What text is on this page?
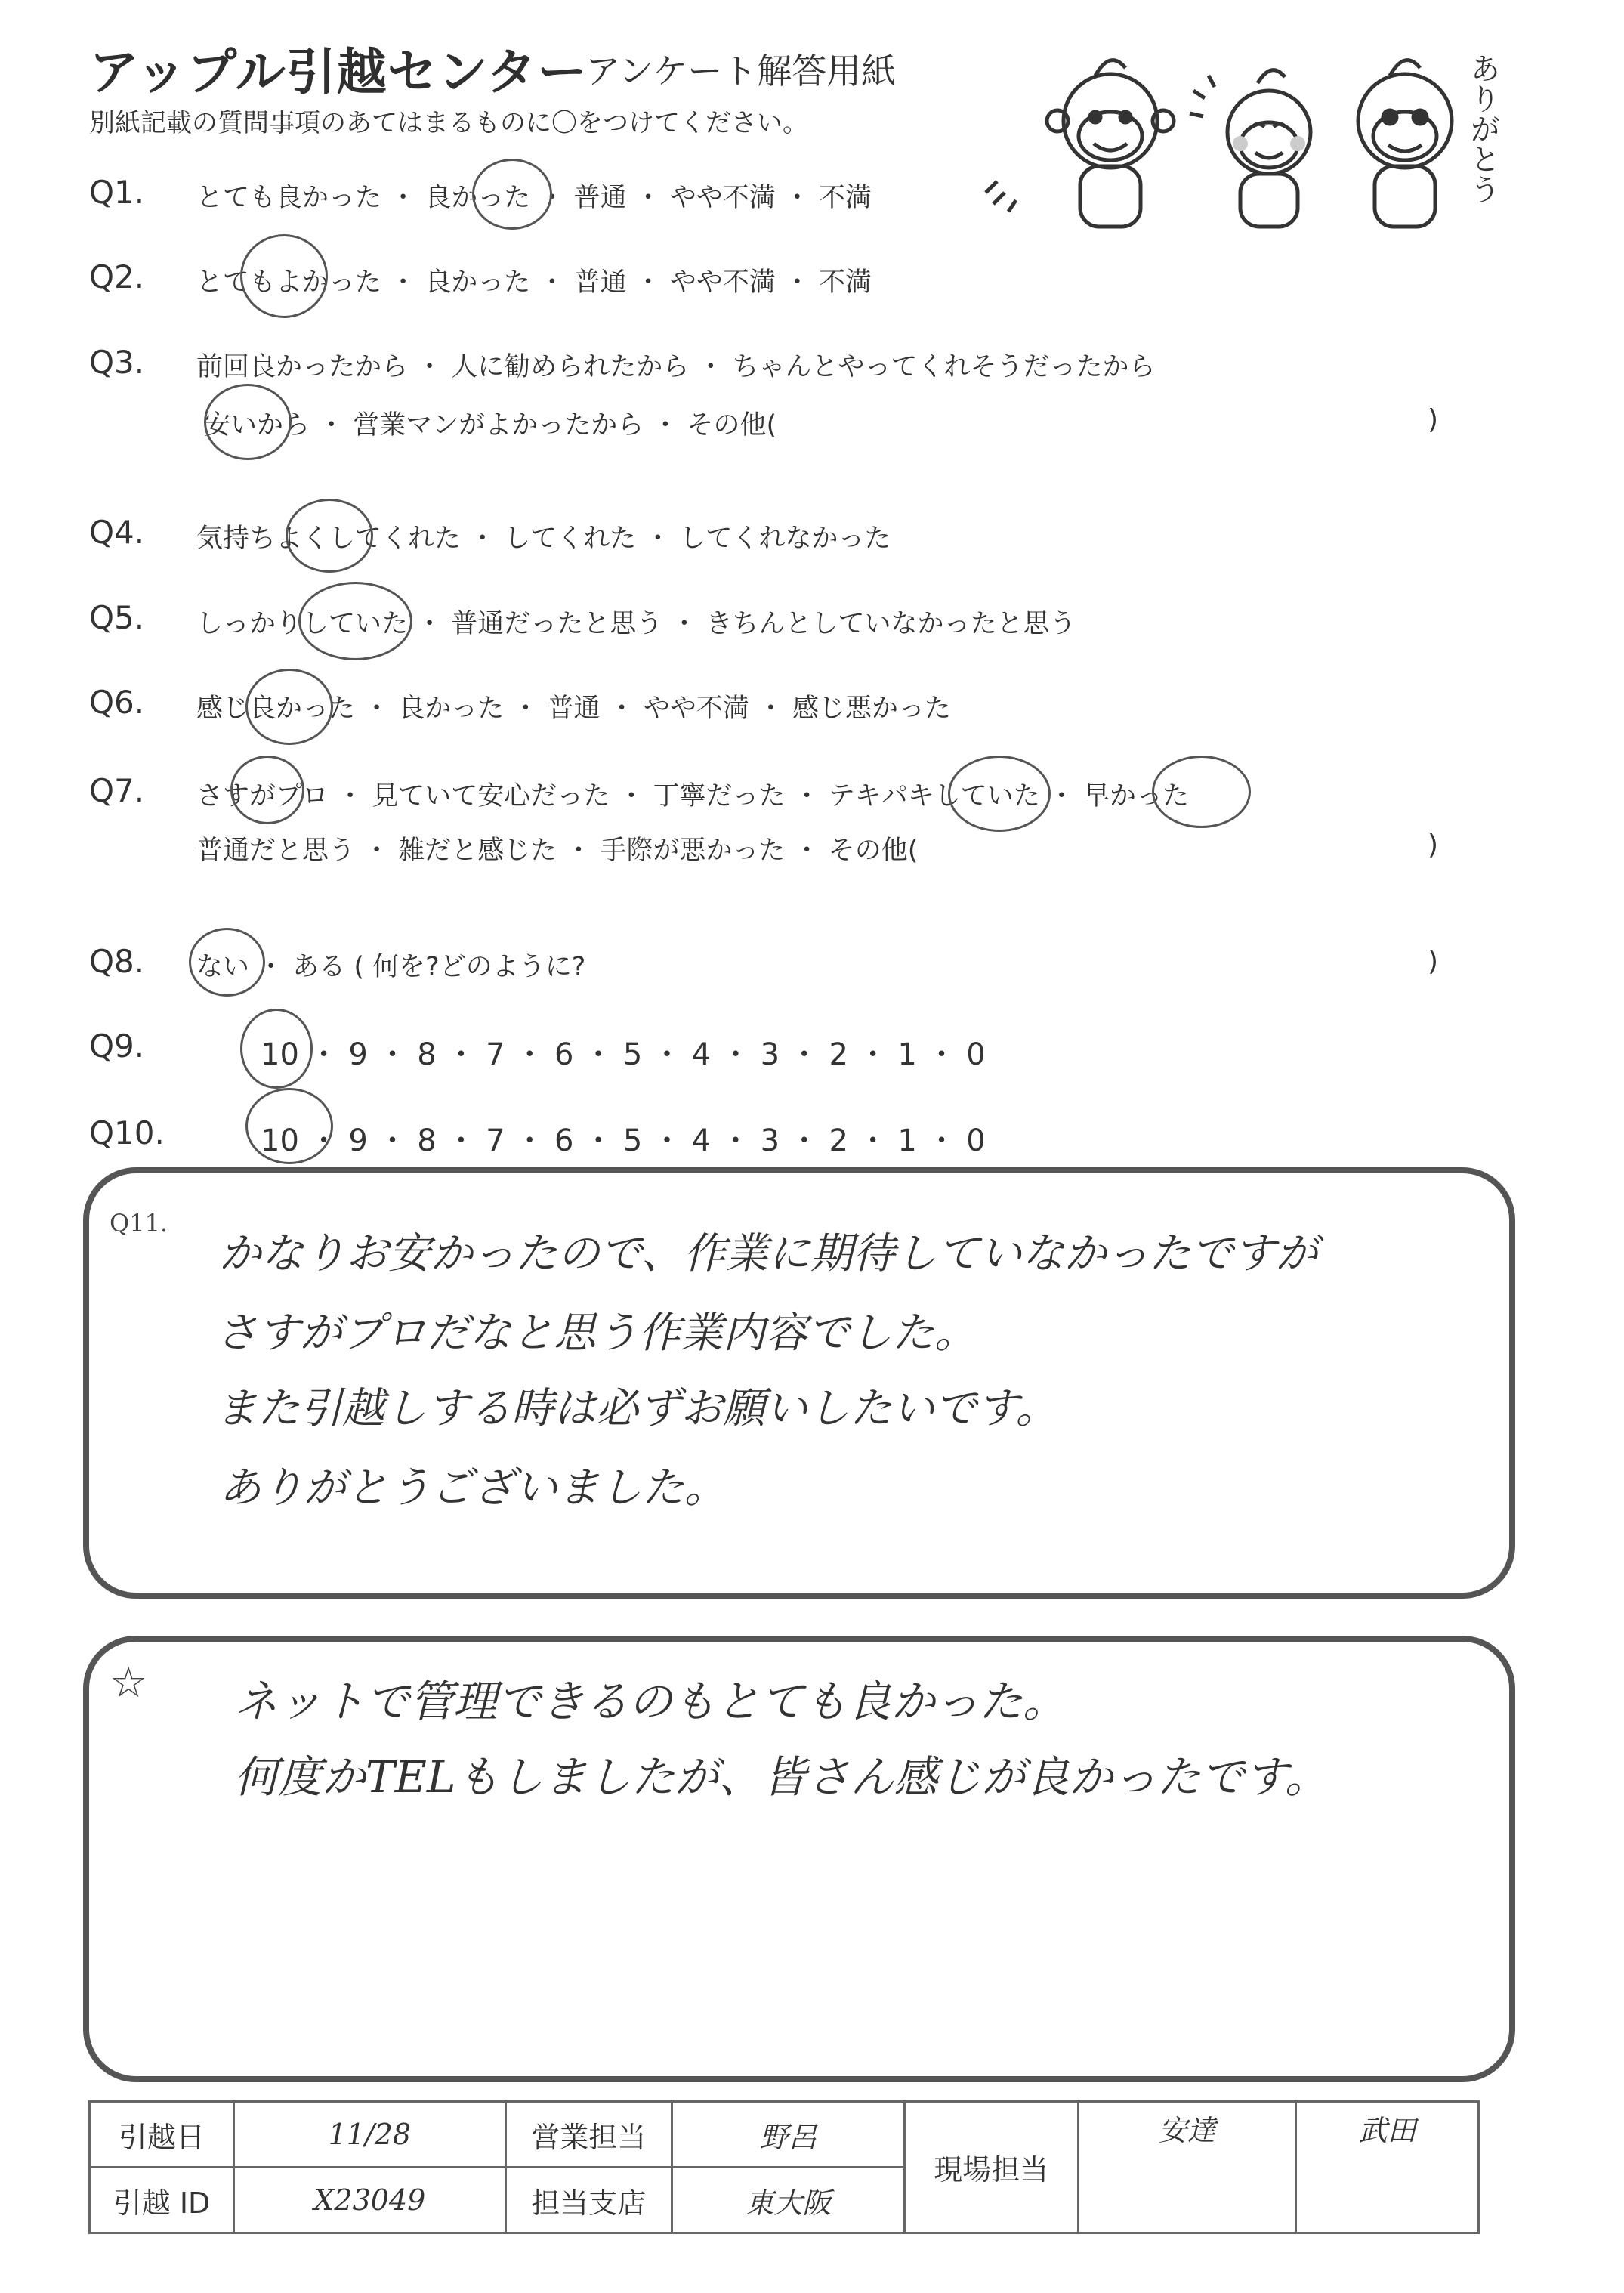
アップル引越センター
アンケート解答用紙
別紙記載の質問事項のあてはまるものに〇をつけてください。	ありがとう
Q1. とても良かった ・ 良かった ・ 普通 ・ やや不満 ・ 不満
Q2. とてもよかった ・ 良かった ・ 普通 ・ やや不満 ・ 不満
Q3. 前回良かったから ・ 人に勧められたから ・ ちゃんとやってくれそうだったから
安いから ・ 営業マンがよかったから ・ その他(	)
Q4. 気持ちよくしてくれた ・ してくれた ・ してくれなかった
Q5. しっかりしていた ・ 普通だったと思う ・ きちんとしていなかったと思う
Q6. 感じ良かった ・ 良かった ・ 普通 ・ やや不満 ・ 感じ悪かった
Q7. さすがプロ ・ 見ていて安心だった ・ 丁寧だった ・ テキパキしていた ・ 早かった
普通だと思う ・ 雑だと感じた ・ 手際が悪かった ・ その他(	)
Q8. ない ・ ある ( 何を?どのように?	)
Q9.	10 ・ 9 ・ 8 ・ 7 ・ 6 ・ 5 ・ 4 ・ 3 ・ 2 ・ 1 ・ 0
Q10.	10 ・ 9 ・ 8 ・ 7 ・ 6 ・ 5 ・ 4 ・ 3 ・ 2 ・ 1 ・ 0
Q11.
かなりお安かったので、作業に期待していなかったですが
さすがプロだなと思う作業内容でした。
また引越しする時は必ずお願いしたいです。
ありがとうございました。
☆ ネットで管理できるのもとても良かった。
何度かTELもしましたが、皆さん感じが良かったです。
引越日	11/28	営業担当	野呂	現場担当	安達	武田
引越 ID	X23049	担当支店	東大阪			
